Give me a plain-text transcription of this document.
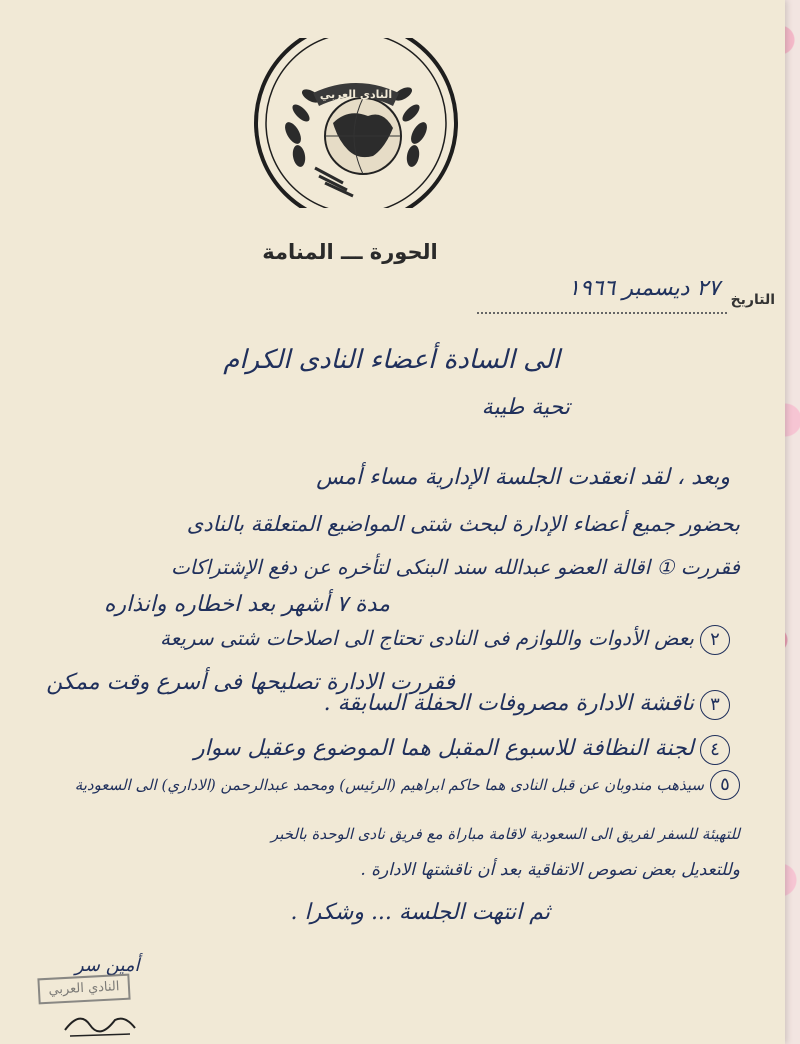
النادي العربي
الحورة ـــ المنامة
التاريخ
٢٧ ديسمبر ١٩٦٦
الى السادة أعضاء النادى الكرام
تحية طيبة
وبعد ، لقد انعقدت الجلسة الإدارية مساء أمس
بحضور جميع أعضاء الإدارة لبحث شتى المواضيع المتعلقة بالنادى
فقررت ① اقالة العضو عبدالله سند البنكى لتأخره عن دفع الإشتراكات
مدة ٧ أشهر بعد اخطاره وانذاره
٢بعض الأدوات واللوازم فى النادى تحتاج الى اصلاحات شتى سريعة
فقررت الادارة تصليحها فى أسرع وقت ممكن
٣ناقشة الادارة مصروفات الحفلة السابقة .
٤لجنة النظافة للاسبوع المقبل هما الموضوع وعقيل سوار
٥سيذهب مندوبان عن قبل النادى هما حاكم ابراهيم (الرئيس) ومحمد عبدالرحمن (الاداري) الى السعودية
للتهيئة للسفر لفريق الى السعودية لاقامة مباراة مع فريق نادى الوحدة بالخبر
وللتعديل بعض نصوص الاتفاقية بعد أن ناقشتها الادارة .
ثم انتهت الجلسة ... وشكرا .
أمين سر
النادي العربي
